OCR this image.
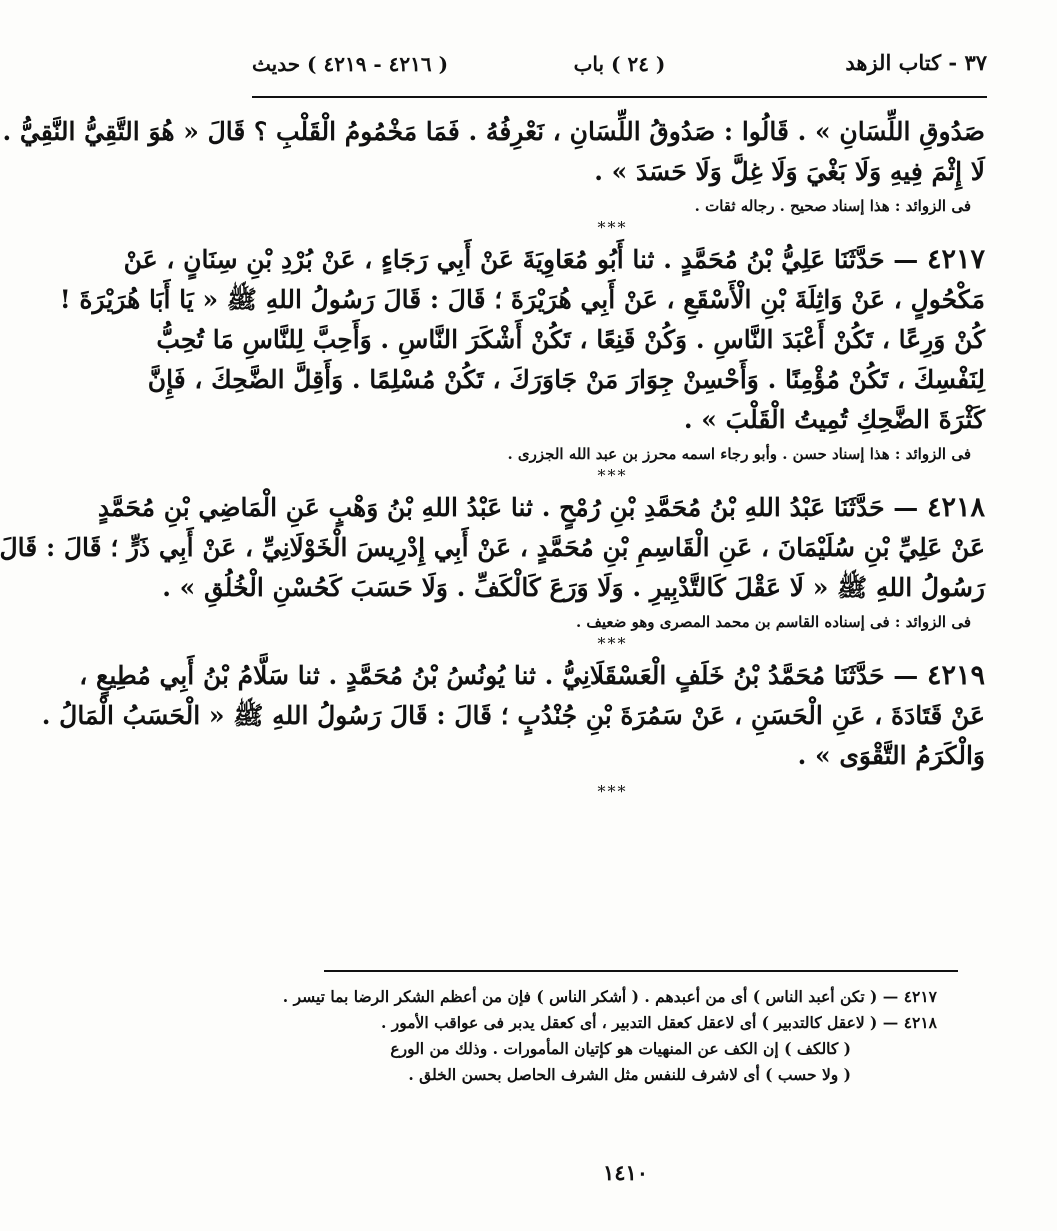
٣٧ - كتاب الزهد
( ٢٤ ) باب
( ٤٢١٦ - ٤٢١٩ ) حديث
صَدُوقِ اللِّسَانِ » . قَالُوا : صَدُوقُ اللِّسَانِ ، نَعْرِفُهُ . فَمَا مَخْمُومُ الْقَلْبِ ؟ قَالَ « هُوَ التَّقِيُّ النَّقِيُّ .
لَا إِثْمَ فِيهِ وَلَا بَغْيَ وَلَا غِلَّ وَلَا حَسَدَ » .
فى الزوائد : هذا إسناد صحيح . رجاله ثقات .
***
٤٢١٧ — حَدَّثَنَا عَلِيُّ بْنُ مُحَمَّدٍ . ثنا أَبُو مُعَاوِيَةَ عَنْ أَبِي رَجَاءٍ ، عَنْ بُرْدِ بْنِ سِنَانٍ ، عَنْ
مَكْحُولٍ ، عَنْ وَاثِلَةَ بْنِ الْأَسْقَعِ ، عَنْ أَبِي هُرَيْرَةَ ؛ قَالَ : قَالَ رَسُولُ اللهِ ﷺ « يَا أَبَا هُرَيْرَةَ !
كُنْ وَرِعًا ، تَكُنْ أَعْبَدَ النَّاسِ . وَكُنْ قَنِعًا ، تَكُنْ أَشْكَرَ النَّاسِ . وَأَحِبَّ لِلنَّاسِ مَا تُحِبُّ
لِنَفْسِكَ ، تَكُنْ مُؤْمِنًا . وَأَحْسِنْ جِوَارَ مَنْ جَاوَرَكَ ، تَكُنْ مُسْلِمًا . وَأَقِلَّ الضَّحِكَ ، فَإِنَّ
كَثْرَةَ الضَّحِكِ تُمِيتُ الْقَلْبَ » .
فى الزوائد : هذا إسناد حسن . وأبو رجاء اسمه محرز بن عبد الله الجزرى .
***
٤٢١٨ — حَدَّثَنَا عَبْدُ اللهِ بْنُ مُحَمَّدِ بْنِ رُمْحٍ . ثنا عَبْدُ اللهِ بْنُ وَهْبٍ عَنِ الْمَاضِي بْنِ مُحَمَّدٍ
عَنْ عَلِيِّ بْنِ سُلَيْمَانَ ، عَنِ الْقَاسِمِ بْنِ مُحَمَّدٍ ، عَنْ أَبِي إِدْرِيسَ الْخَوْلَانِيِّ ، عَنْ أَبِي ذَرٍّ ؛ قَالَ : قَالَ
رَسُولُ اللهِ ﷺ « لَا عَقْلَ كَالتَّدْبِيرِ . وَلَا وَرَعَ كَالْكَفِّ . وَلَا حَسَبَ كَحُسْنِ الْخُلُقِ » .
فى الزوائد : فى إسناده القاسم بن محمد المصرى وهو ضعيف .
***
٤٢١٩ — حَدَّثَنَا مُحَمَّدُ بْنُ خَلَفٍ الْعَسْقَلَانِيُّ . ثنا يُونُسُ بْنُ مُحَمَّدٍ . ثنا سَلَّامُ بْنُ أَبِي مُطِيعٍ ،
عَنْ قَتَادَةَ ، عَنِ الْحَسَنِ ، عَنْ سَمُرَةَ بْنِ جُنْدُبٍ ؛ قَالَ : قَالَ رَسُولُ اللهِ ﷺ « الْحَسَبُ الْمَالُ .
وَالْكَرَمُ التَّقْوَى » .
***
٤٢١٧ — ( تكن أعبد الناس ) أى من أعبدهم . ( أشكر الناس ) فإن من أعظم الشكر الرضا بما تيسر .
٤٢١٨ — ( لاعقل كالتدبير ) أى لاعقل كعقل التدبير ، أى كعقل يدبر فى عواقب الأمور .
( كالكف ) إن الكف عن المنهيات هو كإتيان المأمورات . وذلك من الورع
( ولا حسب ) أى لاشرف للنفس مثل الشرف الحاصل بحسن الخلق .
١٤١٠
